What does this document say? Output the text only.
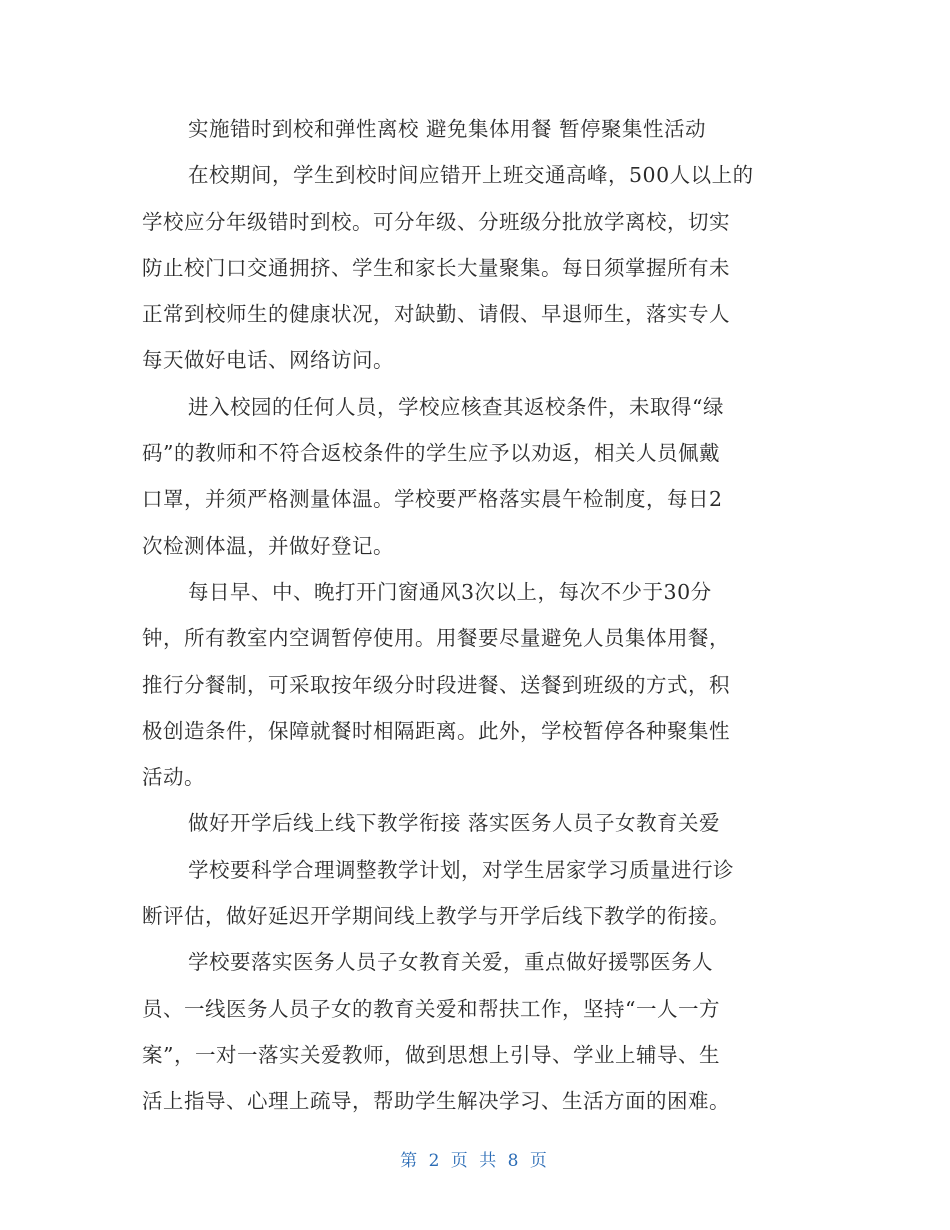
实施错时到校和弹性离校 避免集体用餐 暂停聚集性活动
在校期间，学生到校时间应错开上班交通高峰，500人以上的
学校应分年级错时到校。可分年级、分班级分批放学离校，切实
防止校门口交通拥挤、学生和家长大量聚集。每日须掌握所有未
正常到校师生的健康状况，对缺勤、请假、早退师生，落实专人
每天做好电话、网络访问。
进入校园的任何人员，学校应核查其返校条件，未取得“绿
码”的教师和不符合返校条件的学生应予以劝返，相关人员佩戴
口罩，并须严格测量体温。学校要严格落实晨午检制度，每日2
次检测体温，并做好登记。
每日早、中、晚打开门窗通风3次以上，每次不少于30分
钟，所有教室内空调暂停使用。用餐要尽量避免人员集体用餐，
推行分餐制，可采取按年级分时段进餐、送餐到班级的方式，积
极创造条件，保障就餐时相隔距离。此外，学校暂停各种聚集性
活动。
做好开学后线上线下教学衔接 落实医务人员子女教育关爱
学校要科学合理调整教学计划，对学生居家学习质量进行诊
断评估，做好延迟开学期间线上教学与开学后线下教学的衔接。
学校要落实医务人员子女教育关爱，重点做好援鄂医务人
员、一线医务人员子女的教育关爱和帮扶工作，坚持“一人一方
案”，一对一落实关爱教师，做到思想上引导、学业上辅导、生
活上指导、心理上疏导，帮助学生解决学习、生活方面的困难。
第 2 页 共 8 页
